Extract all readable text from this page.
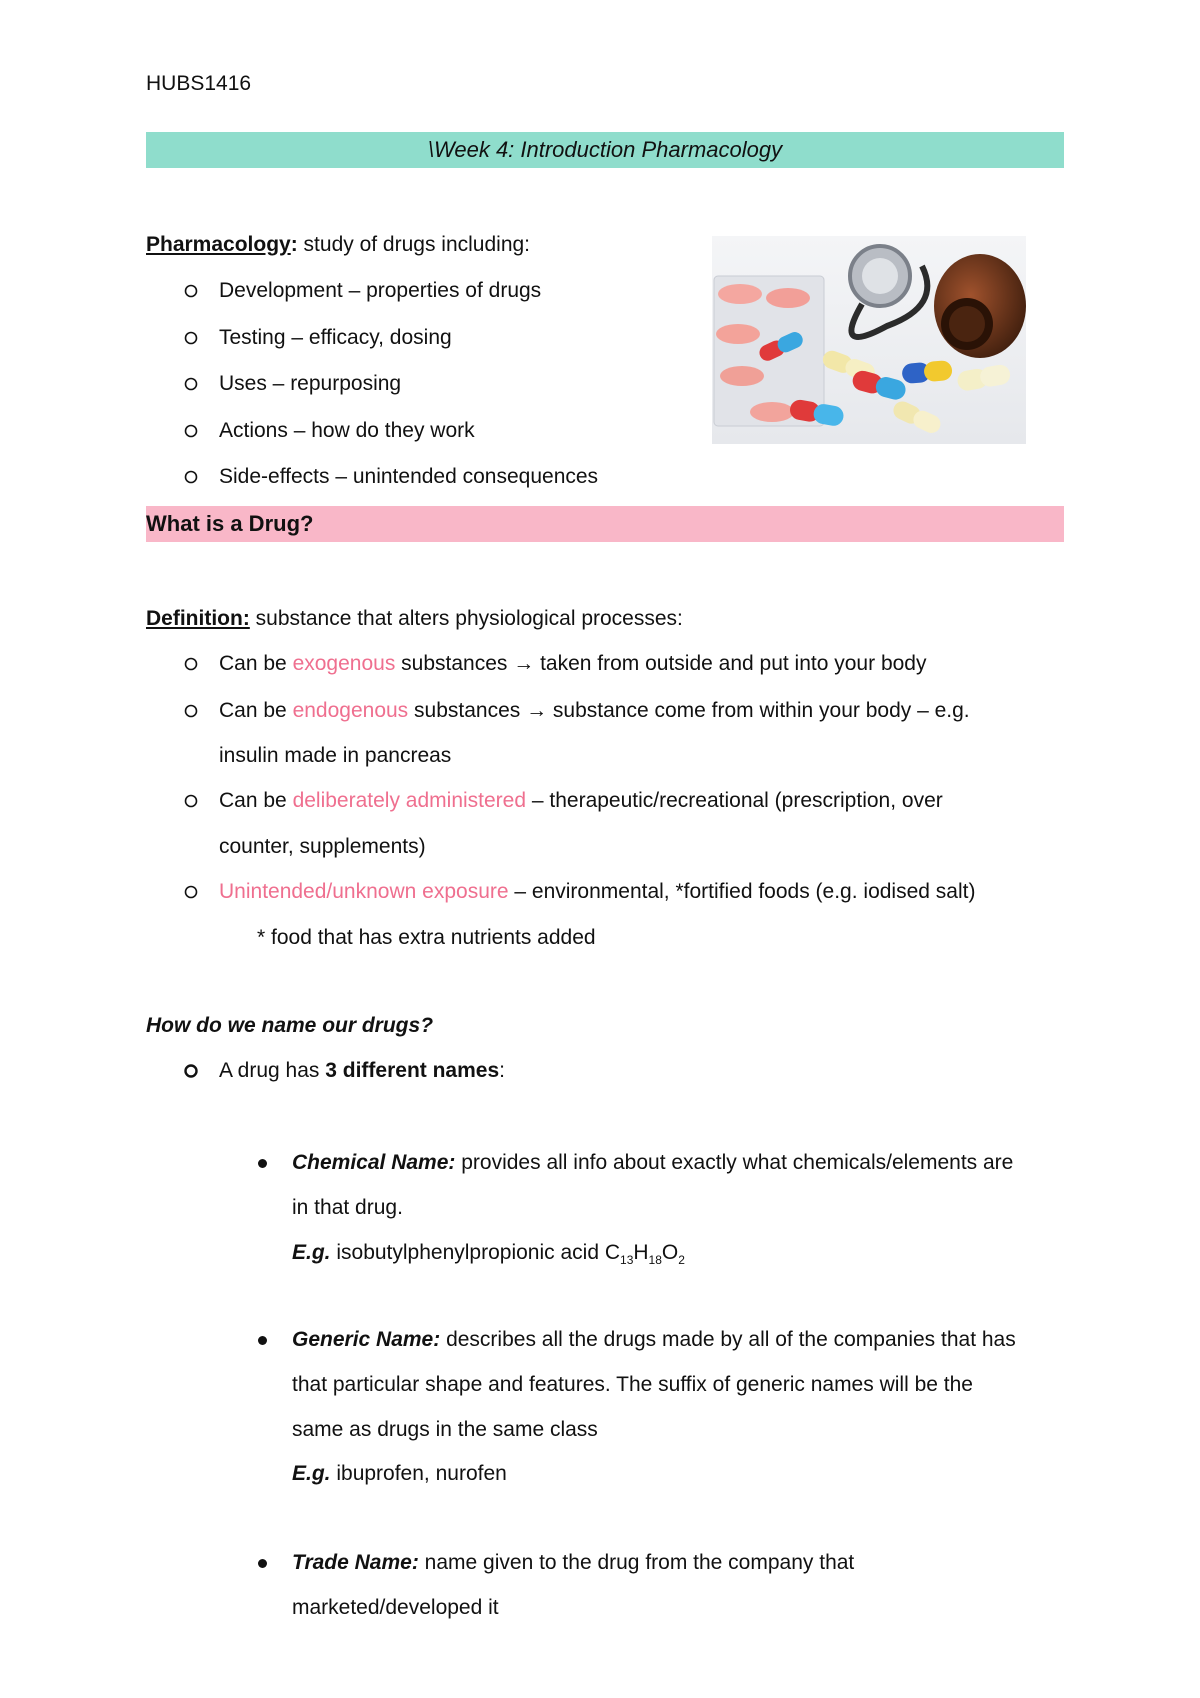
HUBS1416
\Week 4: Introduction Pharmacology
Pharmacology: study of drugs including:
Development – properties of drugs
Testing – efficacy, dosing
Uses – repurposing
Actions – how do they work
Side-effects – unintended consequences
What is a Drug?
Definition: substance that alters physiological processes:
Can be exogenous substances → taken from outside and put into your body
Can be endogenous substances → substance come from within your body – e.g.
insulin made in pancreas
Can be deliberately administered – therapeutic/recreational (prescription, over
counter, supplements)
Unintended/unknown exposure – environmental, *fortified foods (e.g. iodised salt)
* food that has extra nutrients added
How do we name our drugs?
A drug has 3 different names:
Chemical Name: provides all info about exactly what chemicals/elements are
in that drug.
E.g. isobutylphenylpropionic acid $C_{13}H_{18}O_2$
Generic Name: describes all the drugs made by all of the companies that has
that particular shape and features. The suffix of generic names will be the
same as drugs in the same class
E.g. ibuprofen, nurofen
Trade Name: name given to the drug from the company that
marketed/developed it
